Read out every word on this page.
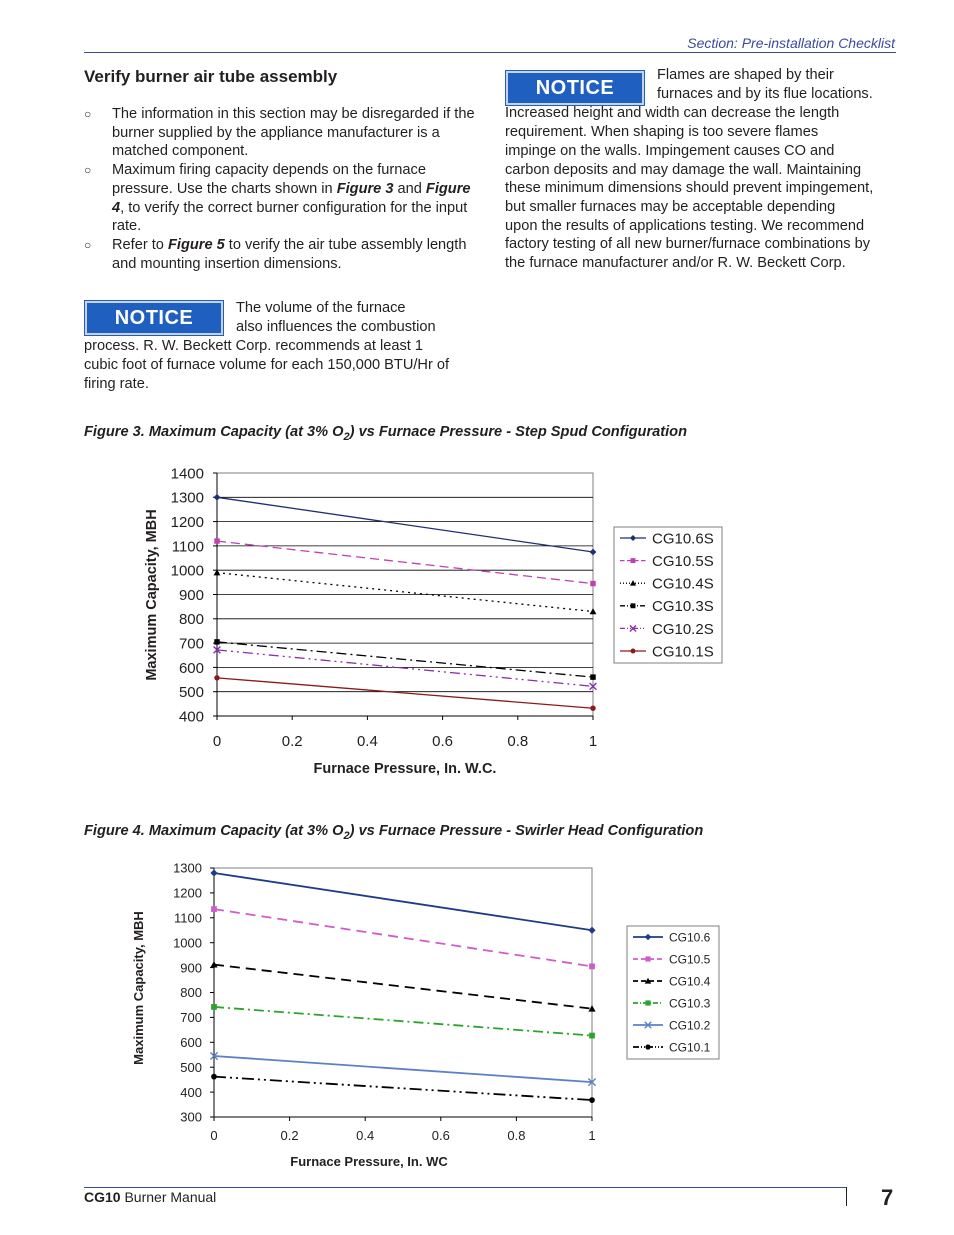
Section: Pre-installation Checklist
Verify burner air tube assembly
○ The information in this section may be disregarded if the burner supplied by the appliance manufacturer is a matched component.
○ Maximum firing capacity depends on the furnace pressure. Use the charts shown in Figure 3 and Figure 4, to verify the correct burner configuration for the input rate.
○ Refer to Figure 5 to verify the air tube assembly length and mounting insertion dimensions.
NOTICE	The volume of the furnace
also influences the combustion
process. R. W. Beckett Corp. recommends at least 1
cubic foot of furnace volume for each 150,000 BTU/Hr of
firing rate.
NOTICE
Flames are shaped by their
furnaces and by its flue locations.
Increased height and width can decrease the length
requirement. When shaping is too severe flames
impinge on the walls. Impingement causes CO and
carbon deposits and may damage the wall. Maintaining
these minimum dimensions should prevent impingement,
but smaller furnaces may be acceptable depending
upon the results of applications testing. We recommend
factory testing of all new burner/furnace combinations by
the furnace manufacturer and/or R. W. Beckett Corp.
Figure 3. Maximum Capacity (at 3% $O_2$) vs Furnace Pressure - Step Spud Configuration
400
500
600
700
800
900
1000
1100
1200
1300
1400
0	0.2	0.4	0.6	0.8	1
Furnace Pressure, In. W.C.
Maximum Capacity, MBH	CG10.6S
CG10.5S
CG10.4S
CG10.3S
CG10.2S
CG10.1S
Figure 4. Maximum Capacity (at 3% $O_2$) vs Furnace Pressure - Swirler Head Configuration
300
400
500
600
700
800
900
1000
1100
1200
1300
0	0.2	0.4	0.6	0.8	1
Furnace Pressure, In. WC
Maximum Capacity, MBH	CG10.6
CG10.5
CG10.4
CG10.3
CG10.2
CG10.1
CG10 Burner Manual	7
